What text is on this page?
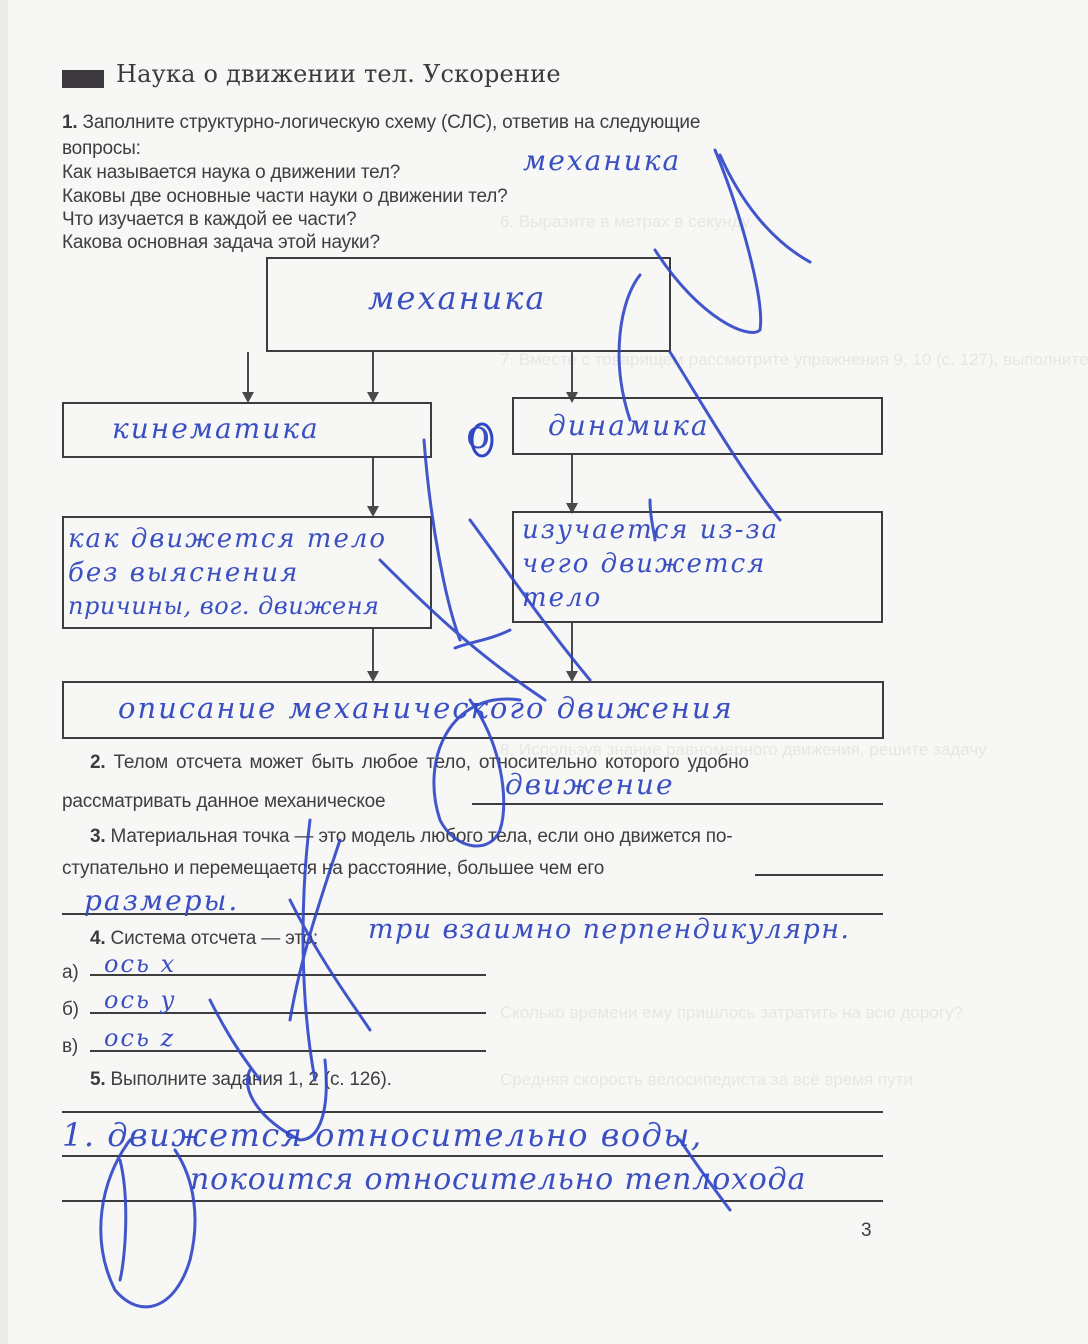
6. Выразите в метрах в секунду.
7. Вместе с товарищем рассмотрите упражнения 9, 10 (с. 127), выполните
8. Используя знание равномерного движения, решите задачу
Сколько времени ему пришлось затратить на всю дорогу?
Средняя скорость велосипедиста за всё время пути
Наука о движении тел. Ускорение
1. Заполните структурно-логическую схему (СЛС), ответив на следующие
вопросы:
Как называется наука о движении тел?
Каковы две основные части науки о движении тел?
Что изучается в каждой ее части?
Какова основная задача этой науки?
механика
механика
кинематика	o динамика
как движется тело
без выяснения
причины, вог. движеня
изучается из-за
чего движется
тело
описание механического движения
2. Телом отсчета может быть любое тело, относительно которого удобно
рассматривать данное механическое
движение
3. Материальная точка — это модель любого тела, если оно движется по-
ступательно и перемещается на расстояние, большее чем его
размеры.
4. Система отсчета — это: три взаимно перпендикулярн.
а) ось x
б) ось y
в) ось z
5. Выполните задания 1, 2 (с. 126).
1. движется относительно воды,
покоится относительно теплохода
3
